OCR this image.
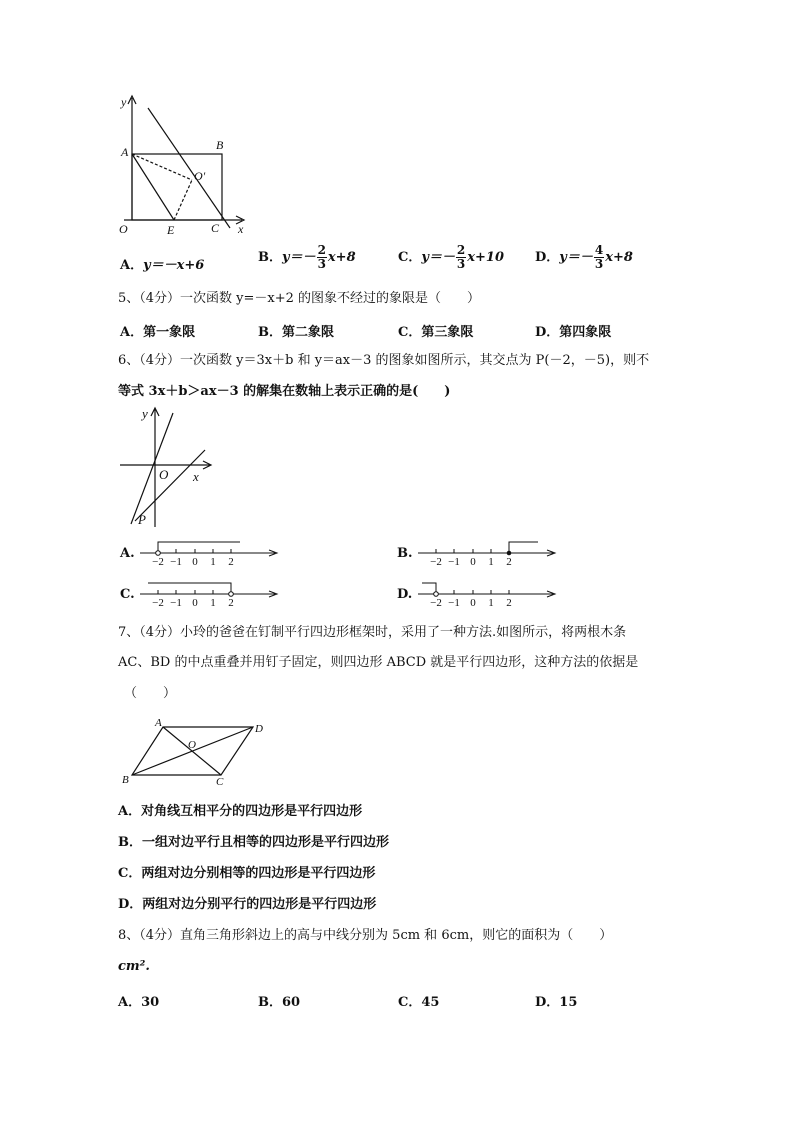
y
A	B
O'
O	E	C x
A．y＝－x+6
B．$y=- \frac{2}{3} x+8$	C．$y=- \frac{2}{3} x+10$ D．$y=- \frac{4}{3} x+8$
5、（4分）一次函数 y=－x+2 的图象不经过的象限是（　　）
A．第一象限	B．第二象限	C．第三象限	D．第四象限
6、（4分）一次函数 y＝3x＋b 和 y＝ax－3 的图象如图所示，其交点为 P(－2，－5)，则不
等式 3x＋b＞ax－3 的解集在数轴上表示正确的是(　　)
y
O x
P
A.
−2 −1 0 1 2
B.
−2 −1 0 1 2
C.
−2 −1 0 1 2
D.
−2 −1 0 1 2
7、（4分）小玲的爸爸在钉制平行四边形框架时，采用了一种方法.如图所示，将两根木条
AC、BD 的中点重叠并用钉子固定，则四边形 ABCD 就是平行四边形，这种方法的依据是
（　　）
A	D
O
B	C
A．对角线互相平分的四边形是平行四边形
B．一组对边平行且相等的四边形是平行四边形
C．两组对边分别相等的四边形是平行四边形
D．两组对边分别平行的四边形是平行四边形
8、（4分）直角三角形斜边上的高与中线分别为 5cm 和 6cm，则它的面积为（　　）
cm².
A．30	B．60	C．45	D．15
